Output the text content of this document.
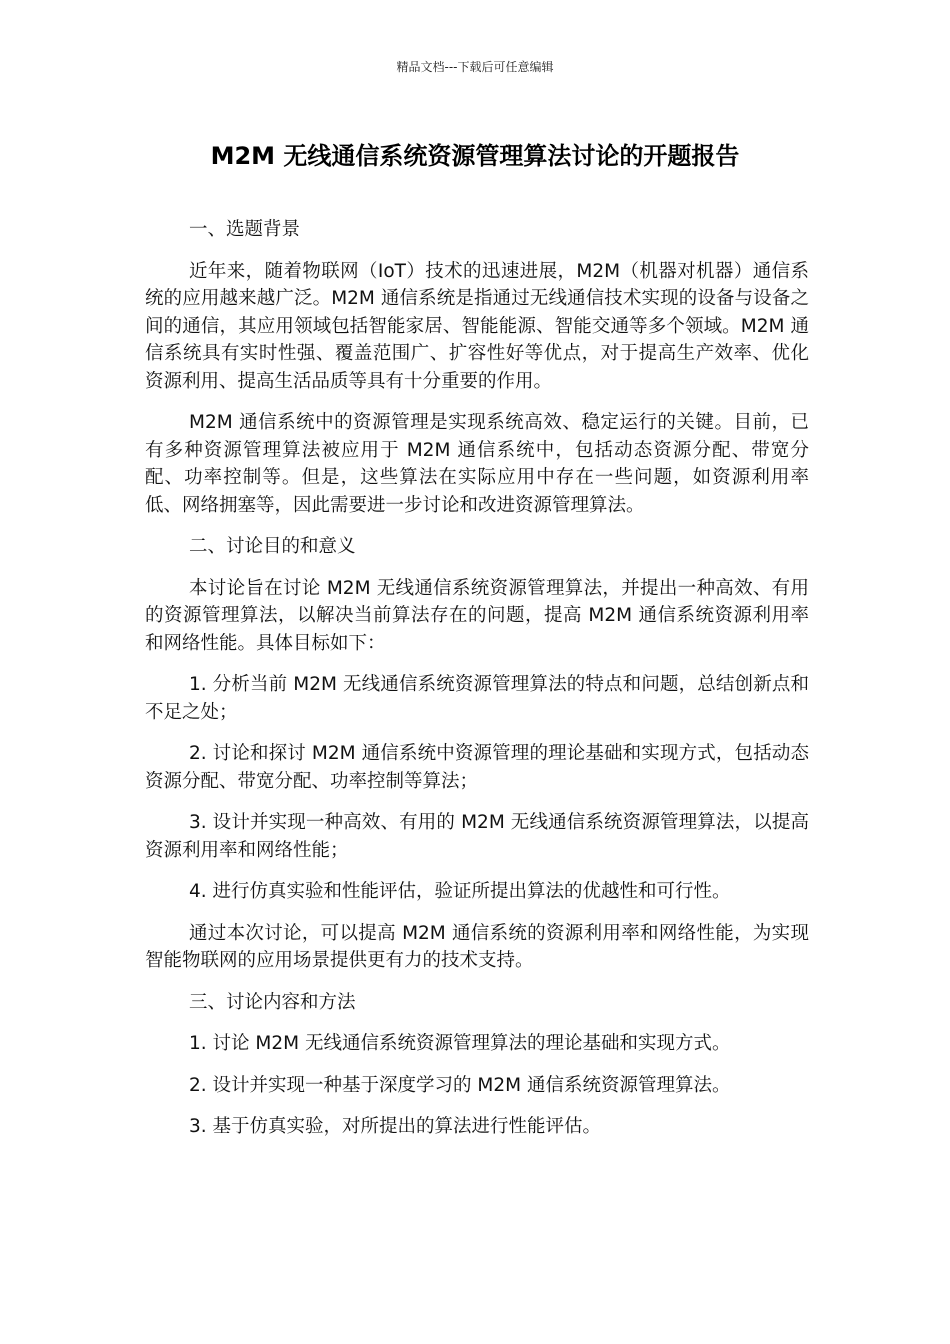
精品文档---下载后可任意编辑
M2M 无线通信系统资源管理算法讨论的开题报告

一、选题背景

近年来，随着物联网（IoT）技术的迅速进展，M2M（机器对机器）通信系统的应用越来越广泛。M2M 通信系统是指通过无线通信技术实现的设备与设备之间的通信，其应用领域包括智能家居、智能能源、智能交通等多个领域。M2M 通信系统具有实时性强、覆盖范围广、扩容性好等优点，对于提高生产效率、优化资源利用、提高生活品质等具有十分重要的作用。

M2M 通信系统中的资源管理是实现系统高效、稳定运行的关键。目前，已有多种资源管理算法被应用于 M2M 通信系统中，包括动态资源分配、带宽分配、功率控制等。但是，这些算法在实际应用中存在一些问题，如资源利用率低、网络拥塞等，因此需要进一步讨论和改进资源管理算法。

二、讨论目的和意义

本讨论旨在讨论 M2M 无线通信系统资源管理算法，并提出一种高效、有用的资源管理算法，以解决当前算法存在的问题，提高 M2M 通信系统资源利用率和网络性能。具体目标如下：

1. 分析当前 M2M 无线通信系统资源管理算法的特点和问题，总结创新点和不足之处；

2. 讨论和探讨 M2M 通信系统中资源管理的理论基础和实现方式，包括动态资源分配、带宽分配、功率控制等算法；

3. 设计并实现一种高效、有用的 M2M 无线通信系统资源管理算法，以提高资源利用率和网络性能；

4. 进行仿真实验和性能评估，验证所提出算法的优越性和可行性。

通过本次讨论，可以提高 M2M 通信系统的资源利用率和网络性能，为实现智能物联网的应用场景提供更有力的技术支持。

三、讨论内容和方法

1. 讨论 M2M 无线通信系统资源管理算法的理论基础和实现方式。

2. 设计并实现一种基于深度学习的 M2M 通信系统资源管理算法。

3. 基于仿真实验，对所提出的算法进行性能评估。
